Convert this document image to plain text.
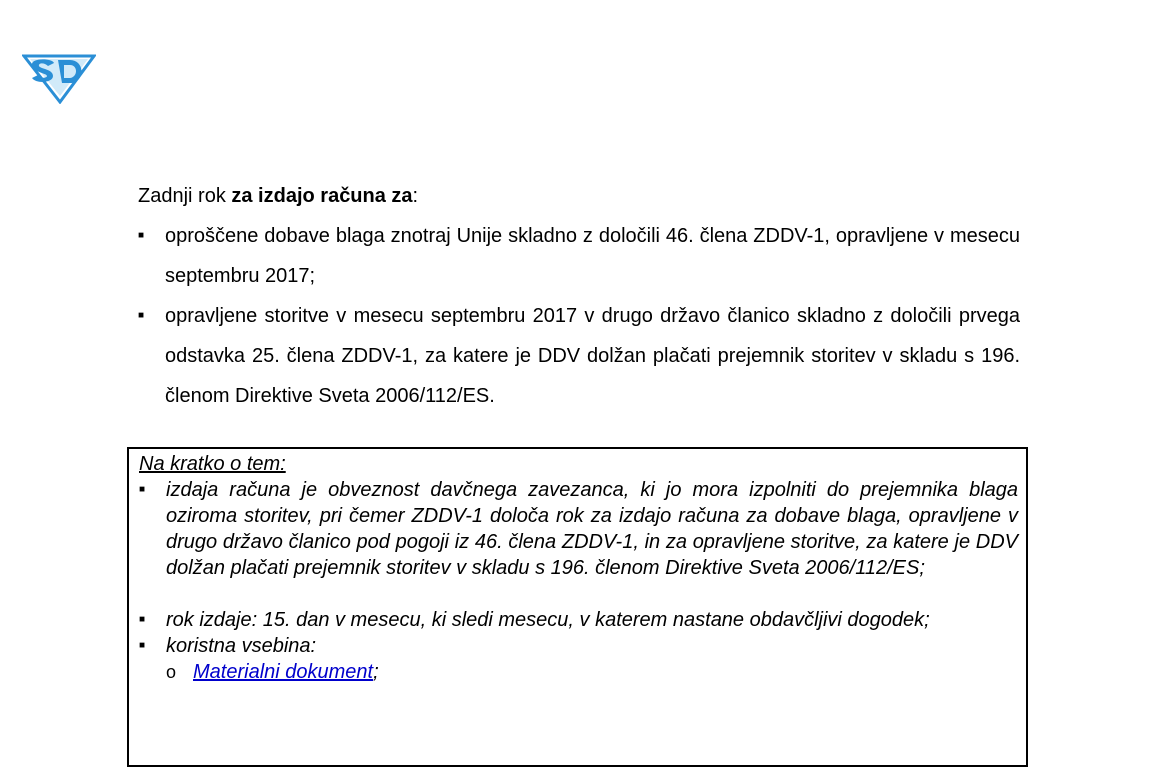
Zadnji rok za izdajo računa za:

■ oproščene dobave blaga znotraj Unije skladno z določili 46. člena ZDDV-1, opravljene v mesecu septembru 2017;
■ opravljene storitve v mesecu septembru 2017 v drugo državo članico skladno z določili prvega odstavka 25. člena ZDDV-1, za katere je DDV dolžan plačati prejemnik storitev v skladu s 196. členom Direktive Sveta 2006/112/ES.
Na kratko o tem:
■ izdaja računa je obveznost davčnega zavezanca, ki jo mora izpolniti do prejemnika blaga oziroma storitev, pri čemer ZDDV-1 določa rok za izdajo računa za dobave blaga, opravljene v drugo državo članico pod pogoji iz 46. člena ZDDV-1, in za opravljene storitve, za katere je DDV dolžan plačati prejemnik storitev v skladu s 196. členom Direktive Sveta 2006/112/ES;
■ rok izdaje: 15. dan v mesecu, ki sledi mesecu, v katerem nastane obdavčljivi dogodek;
■ koristna vsebina:
o Materialni dokument;
